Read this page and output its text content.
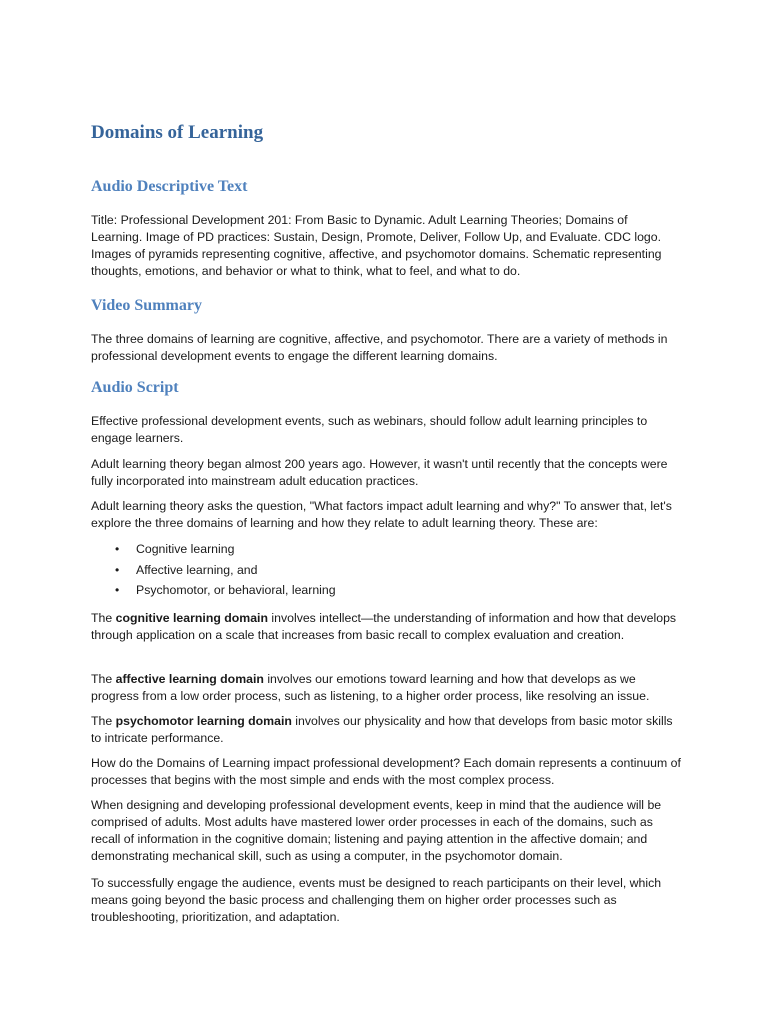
Domains of Learning
Audio Descriptive Text

Title: Professional Development 201: From Basic to Dynamic. Adult Learning Theories; Domains of Learning. Image of PD practices: Sustain, Design, Promote, Deliver, Follow Up, and Evaluate. CDC logo. Images of pyramids representing cognitive, affective, and psychomotor domains. Schematic representing thoughts, emotions, and behavior or what to think, what to feel, and what to do.

Video Summary

The three domains of learning are cognitive, affective, and psychomotor. There are a variety of methods in professional development events to engage the different learning domains.

Audio Script

Effective professional development events, such as webinars, should follow adult learning principles to engage learners.

Adult learning theory began almost 200 years ago. However, it wasn't until recently that the concepts were fully incorporated into mainstream adult education practices.

Adult learning theory asks the question, "What factors impact adult learning and why?" To answer that, let's explore the three domains of learning and how they relate to adult learning theory. These are:

• Cognitive learning
• Affective learning, and
• Psychomotor, or behavioral, learning

The cognitive learning domain involves intellect—the understanding of information and how that develops through application on a scale that increases from basic recall to complex evaluation and creation.

The affective learning domain involves our emotions toward learning and how that develops as we progress from a low order process, such as listening, to a higher order process, like resolving an issue.

The psychomotor learning domain involves our physicality and how that develops from basic motor skills to intricate performance.

How do the Domains of Learning impact professional development? Each domain represents a continuum of processes that begins with the most simple and ends with the most complex process.

When designing and developing professional development events, keep in mind that the audience will be comprised of adults. Most adults have mastered lower order processes in each of the domains, such as recall of information in the cognitive domain; listening and paying attention in the affective domain; and demonstrating mechanical skill, such as using a computer, in the psychomotor domain.

To successfully engage the audience, events must be designed to reach participants on their level, which means going beyond the basic process and challenging them on higher order processes such as troubleshooting, prioritization, and adaptation.
